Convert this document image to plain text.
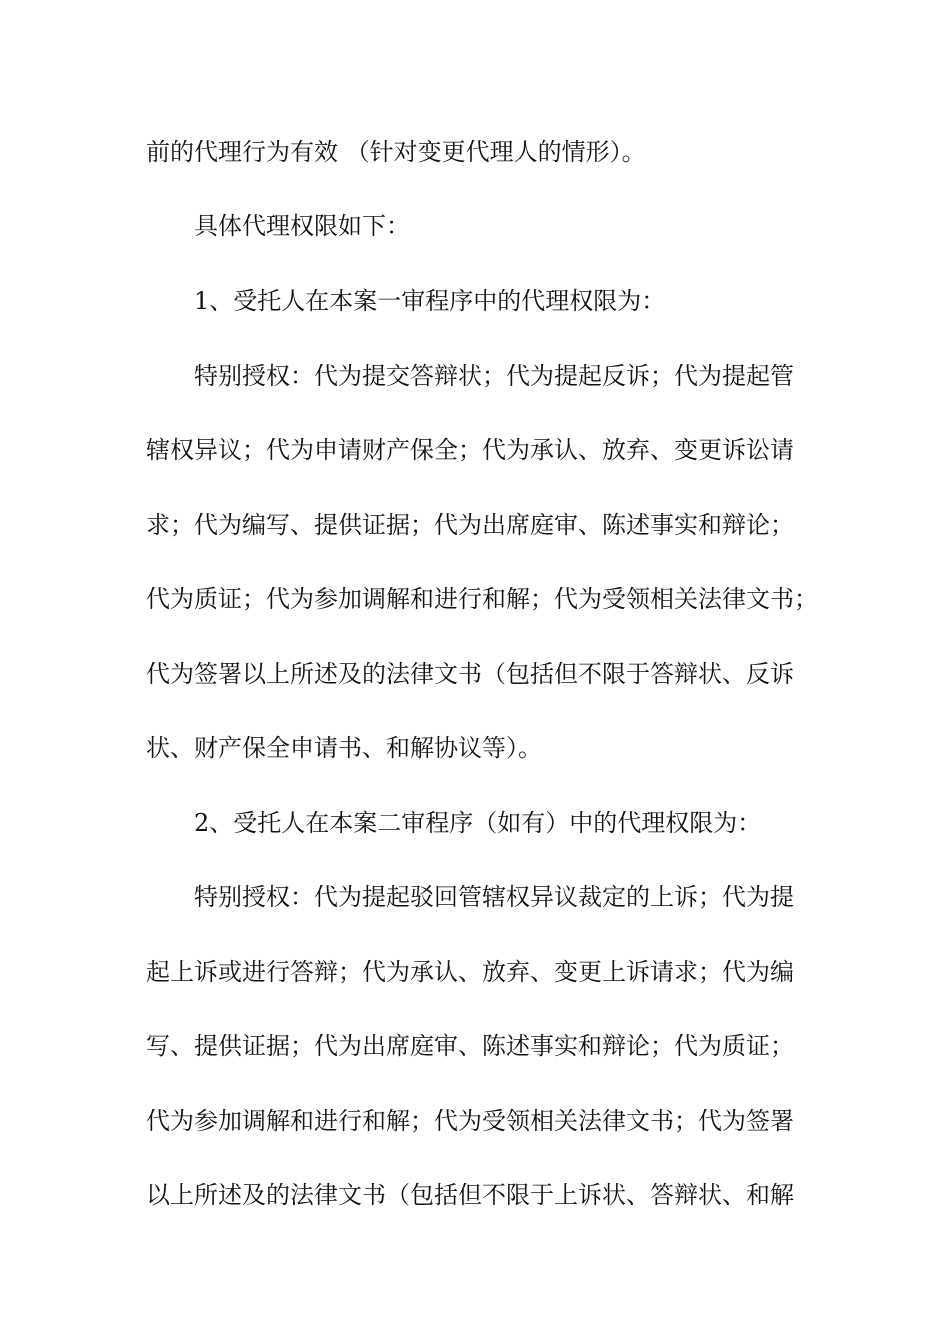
前的代理行为有效 （针对变更代理人的情形）。
具体代理权限如下：
1、受托人在本案一审程序中的代理权限为：
特别授权：代为提交答辩状；代为提起反诉；代为提起管
辖权异议；代为申请财产保全；代为承认、放弃、变更诉讼请
求；代为编写、提供证据；代为出席庭审、陈述事实和辩论；
代为质证；代为参加调解和进行和解；代为受领相关法律文书；
代为签署以上所述及的法律文书（包括但不限于答辩状、反诉
状、财产保全申请书、和解协议等）。
2、受托人在本案二审程序（如有）中的代理权限为：
特别授权：代为提起驳回管辖权异议裁定的上诉；代为提
起上诉或进行答辩；代为承认、放弃、变更上诉请求；代为编
写、提供证据；代为出席庭审、陈述事实和辩论；代为质证；
代为参加调解和进行和解；代为受领相关法律文书；代为签署
以上所述及的法律文书（包括但不限于上诉状、答辩状、和解
